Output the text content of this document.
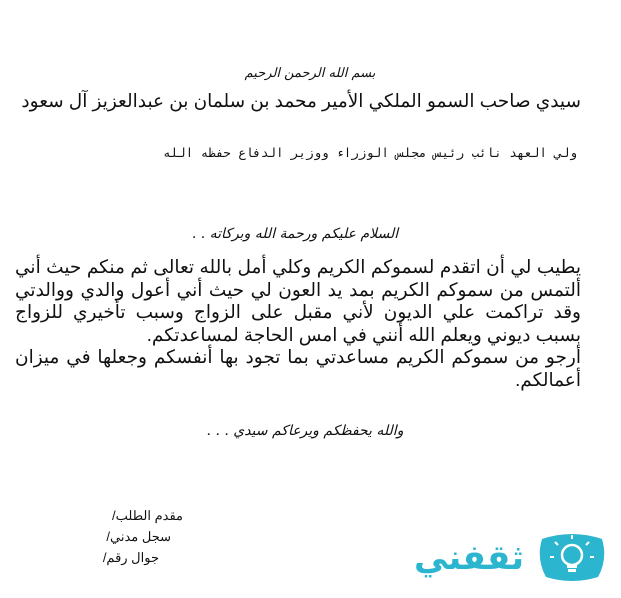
بسم الله الرحمن الرحيم
سيدي صاحب السمو الملكي الأمير محمد بن سلمان بن عبدالعزيز آل سعود
ولي العهد نائب رئيس مجلس الوزراء ووزير الدفاع حفظه الله
السلام عليكم ورحمة الله وبركاته . .

يطيب لي أن اتقدم لسموكم الكريم وكلي أمل بالله تعالى ثم منكم حيث أني ألتمس من سموكم الكريم بمد يد العون لي حيث أني أعول والدي ووالدتي وقد تراكمت علي الديون لأني مقبل على الزواج وسبب تأخيري للزواج بسبب ديوني ويعلم الله أنني في امس الحاجة لمساعدتكم.

أرجو من سموكم الكريم مساعدتي بما تجود بها أنفسكم وجعلها في ميزان أعمالكم.

والله يحفظكم ويرعاكم سيدي . . .
مقدم الطلب/
سجل مدني/
جوال رقم/	ثقفني
